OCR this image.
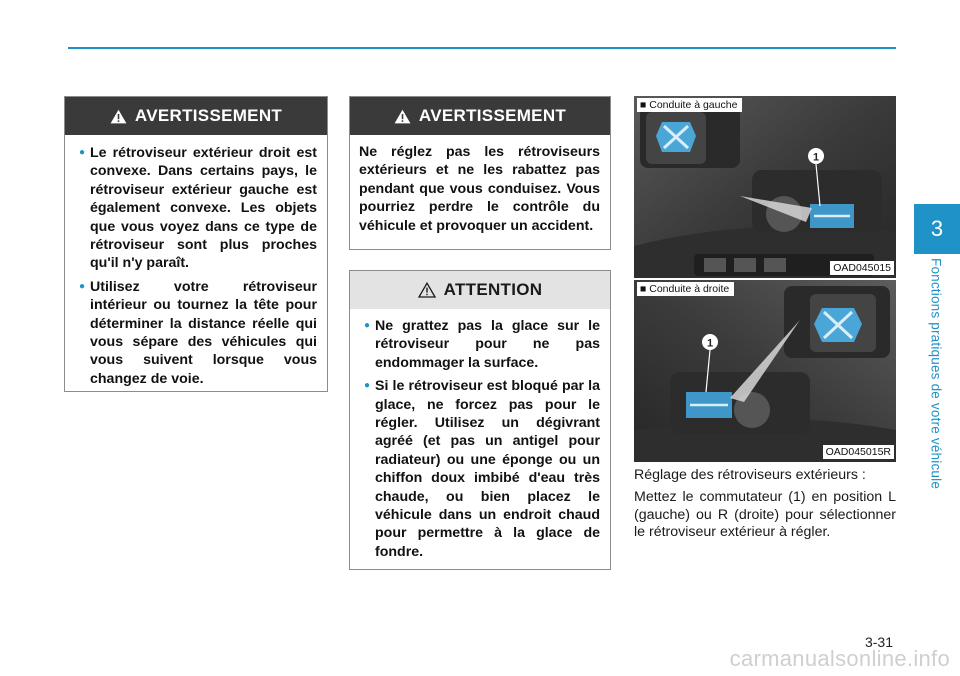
AVERTISSEMENT
● Le rétroviseur extérieur droit est convexe. Dans certains pays, le rétroviseur extérieur gauche est également convexe. Les objets que vous voyez dans ce type de rétroviseur sont plus proches qu'il n'y paraît.
● Utilisez votre rétroviseur intérieur ou tournez la tête pour déterminer la distance réelle qui vous sépare des véhicules qui vous suivent lorsque vous changez de voie.
AVERTISSEMENT
Ne réglez pas les rétroviseurs extérieurs et ne les rabattez pas pendant que vous conduisez. Vous pourriez perdre le contrôle du véhicule et provoquer un accident.
ATTENTION
● Ne grattez pas la glace sur le rétroviseur pour ne pas endommager la surface.
● Si le rétroviseur est bloqué par la glace, ne forcez pas pour le régler. Utilisez un dégivrant agréé (et pas un antigel pour radiateur) ou une éponge ou un chiffon doux imbibé d'eau très chaude, ou bien placez le véhicule dans un endroit chaud pour permettre à la glace de fondre.
1
■ Conduite à gauche
OAD045015
1
■ Conduite à droite
OAD045015R
Réglage des rétroviseurs extérieurs :
Mettez le commutateur (1) en position L (gauche) ou R (droite) pour sélectionner le rétroviseur extérieur à régler.
3
Fonctions pratiques de votre véhicule
3-31
carmanualsonline.info
